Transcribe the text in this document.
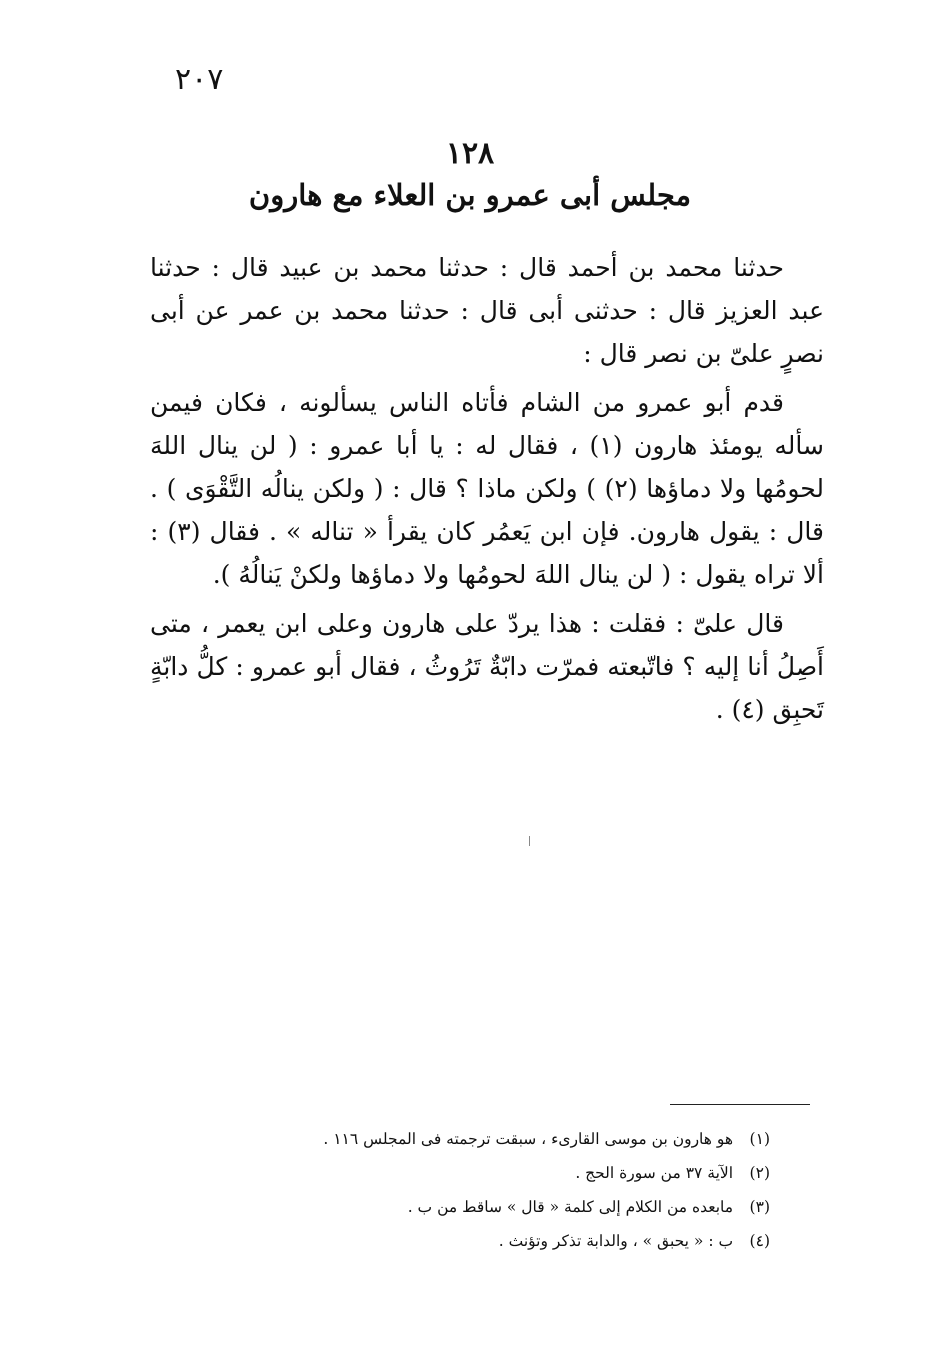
٢٠٧
١٢٨
مجلس أبى عمرو بن العلاء مع هارون

حدثنا محمد بن أحمد قال : حدثنا محمد بن عبيد قال : حدثنا عبد العزيز قال : حدثنى أبى قال : حدثنا محمد بن عمر عن أبى نصرٍ علىّ بن نصر قال :

قدم أبو عمرو من الشام فأتاه الناس يسألونه ، فكان فيمن سأله يومئذ هارون (١) ، فقال له : يا أبا عمرو : ( لن ينال اللهَ لحومُها ولا دماؤها (٢) ) ولكن ماذا ؟ قال : ( ولكن ينالُه التَّقْوَى ) . قال : يقول هارون. فإن ابن يَعمُر كان يقرأ « تناله » . فقال (٣) : ألا تراه يقول : ( لن ينال اللهَ لحومُها ولا دماؤها ولكنْ يَنالُهُ ).

قال علىّ : فقلت : هذا يردّ على هارون وعلى ابن يعمر ، متى أَصِلُ أنا إليه ؟ فاتّبعته فمرّت دابّةٌ تَرُوثُ ، فقال أبو عمرو : كلُّ دابّةٍ تَحبِق (٤) .

(١) هو هارون بن موسى القارىء ، سبقت ترجمته فى المجلس ١١٦ .
(٢) الآية ٣٧ من سورة الحج .
(٣) مابعده من الكلام إلى كلمة « قال » ساقط من ب .
(٤) ب : « يحبق » ، والدابة تذكر وتؤنث .
